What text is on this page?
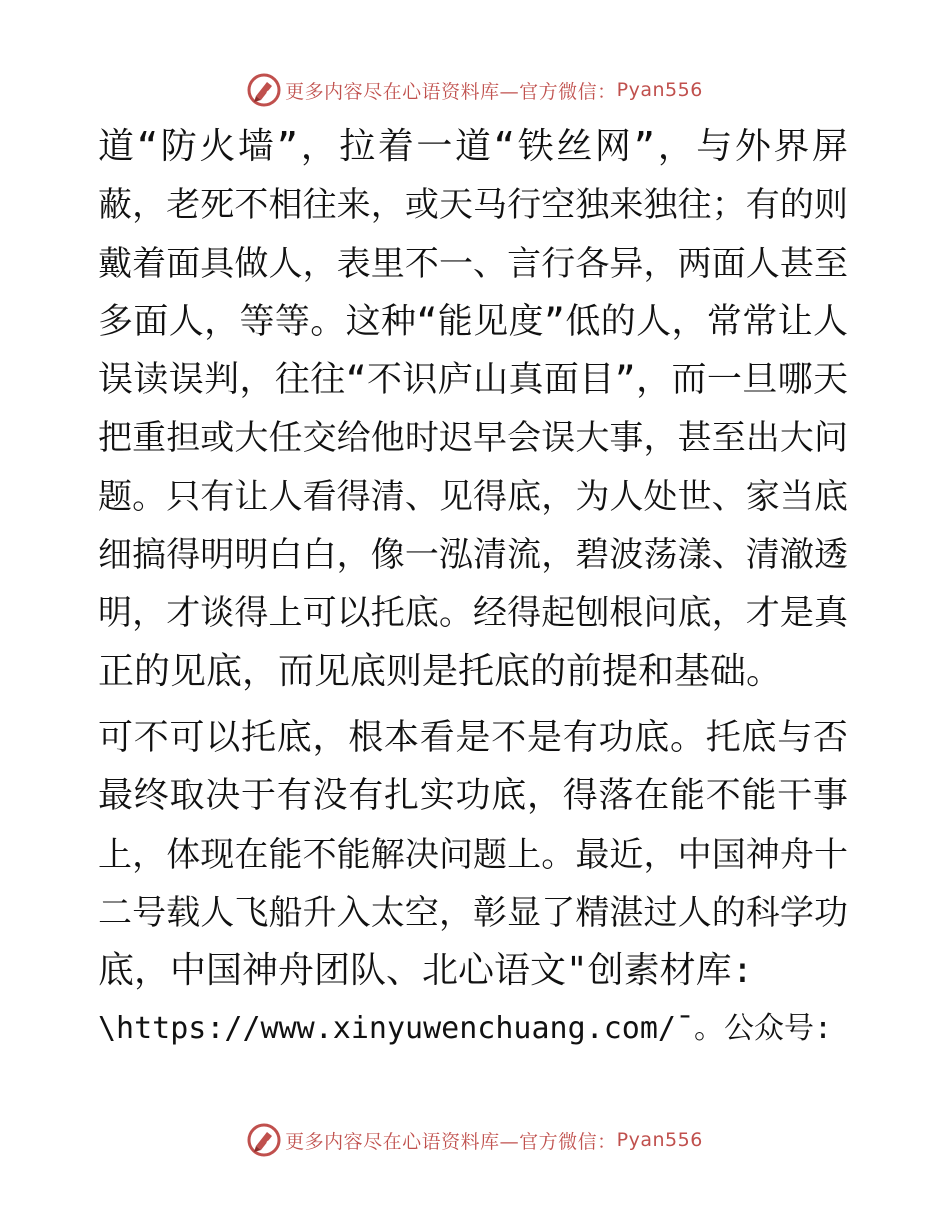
更多内容尽在心语资料库—官方微信： Pyan556

道“防火墙”，拉着一道“铁丝网”，与外界屏
蔽，老死不相往来，或天马行空独来独往；有的则
戴着面具做人，表里不一、言行各异，两面人甚至
多面人，等等。这种“能见度”低的人，常常让人
误读误判，往往“不识庐山真面目”，而一旦哪天
把重担或大任交给他时迟早会误大事，甚至出大问
题。只有让人看得清、见得底，为人处世、家当底
细搞得明明白白，像一泓清流，碧波荡漾、清澈透
明，才谈得上可以托底。经得起刨根问底，才是真
正的见底，而见底则是托底的前提和基础。

可不可以托底，根本看是不是有功底。托底与否
最终取决于有没有扎实功底，得落在能不能干事
上，体现在能不能解决问题上。最近，中国神舟十
二号载人飞船升入太空，彰显了精湛过人的科学功
底，中国神舟团队、北心语文"创素材库:
\https://www.xinyuwenchuang.com/¯。公众号:

更多内容尽在心语资料库—官方微信： Pyan556
